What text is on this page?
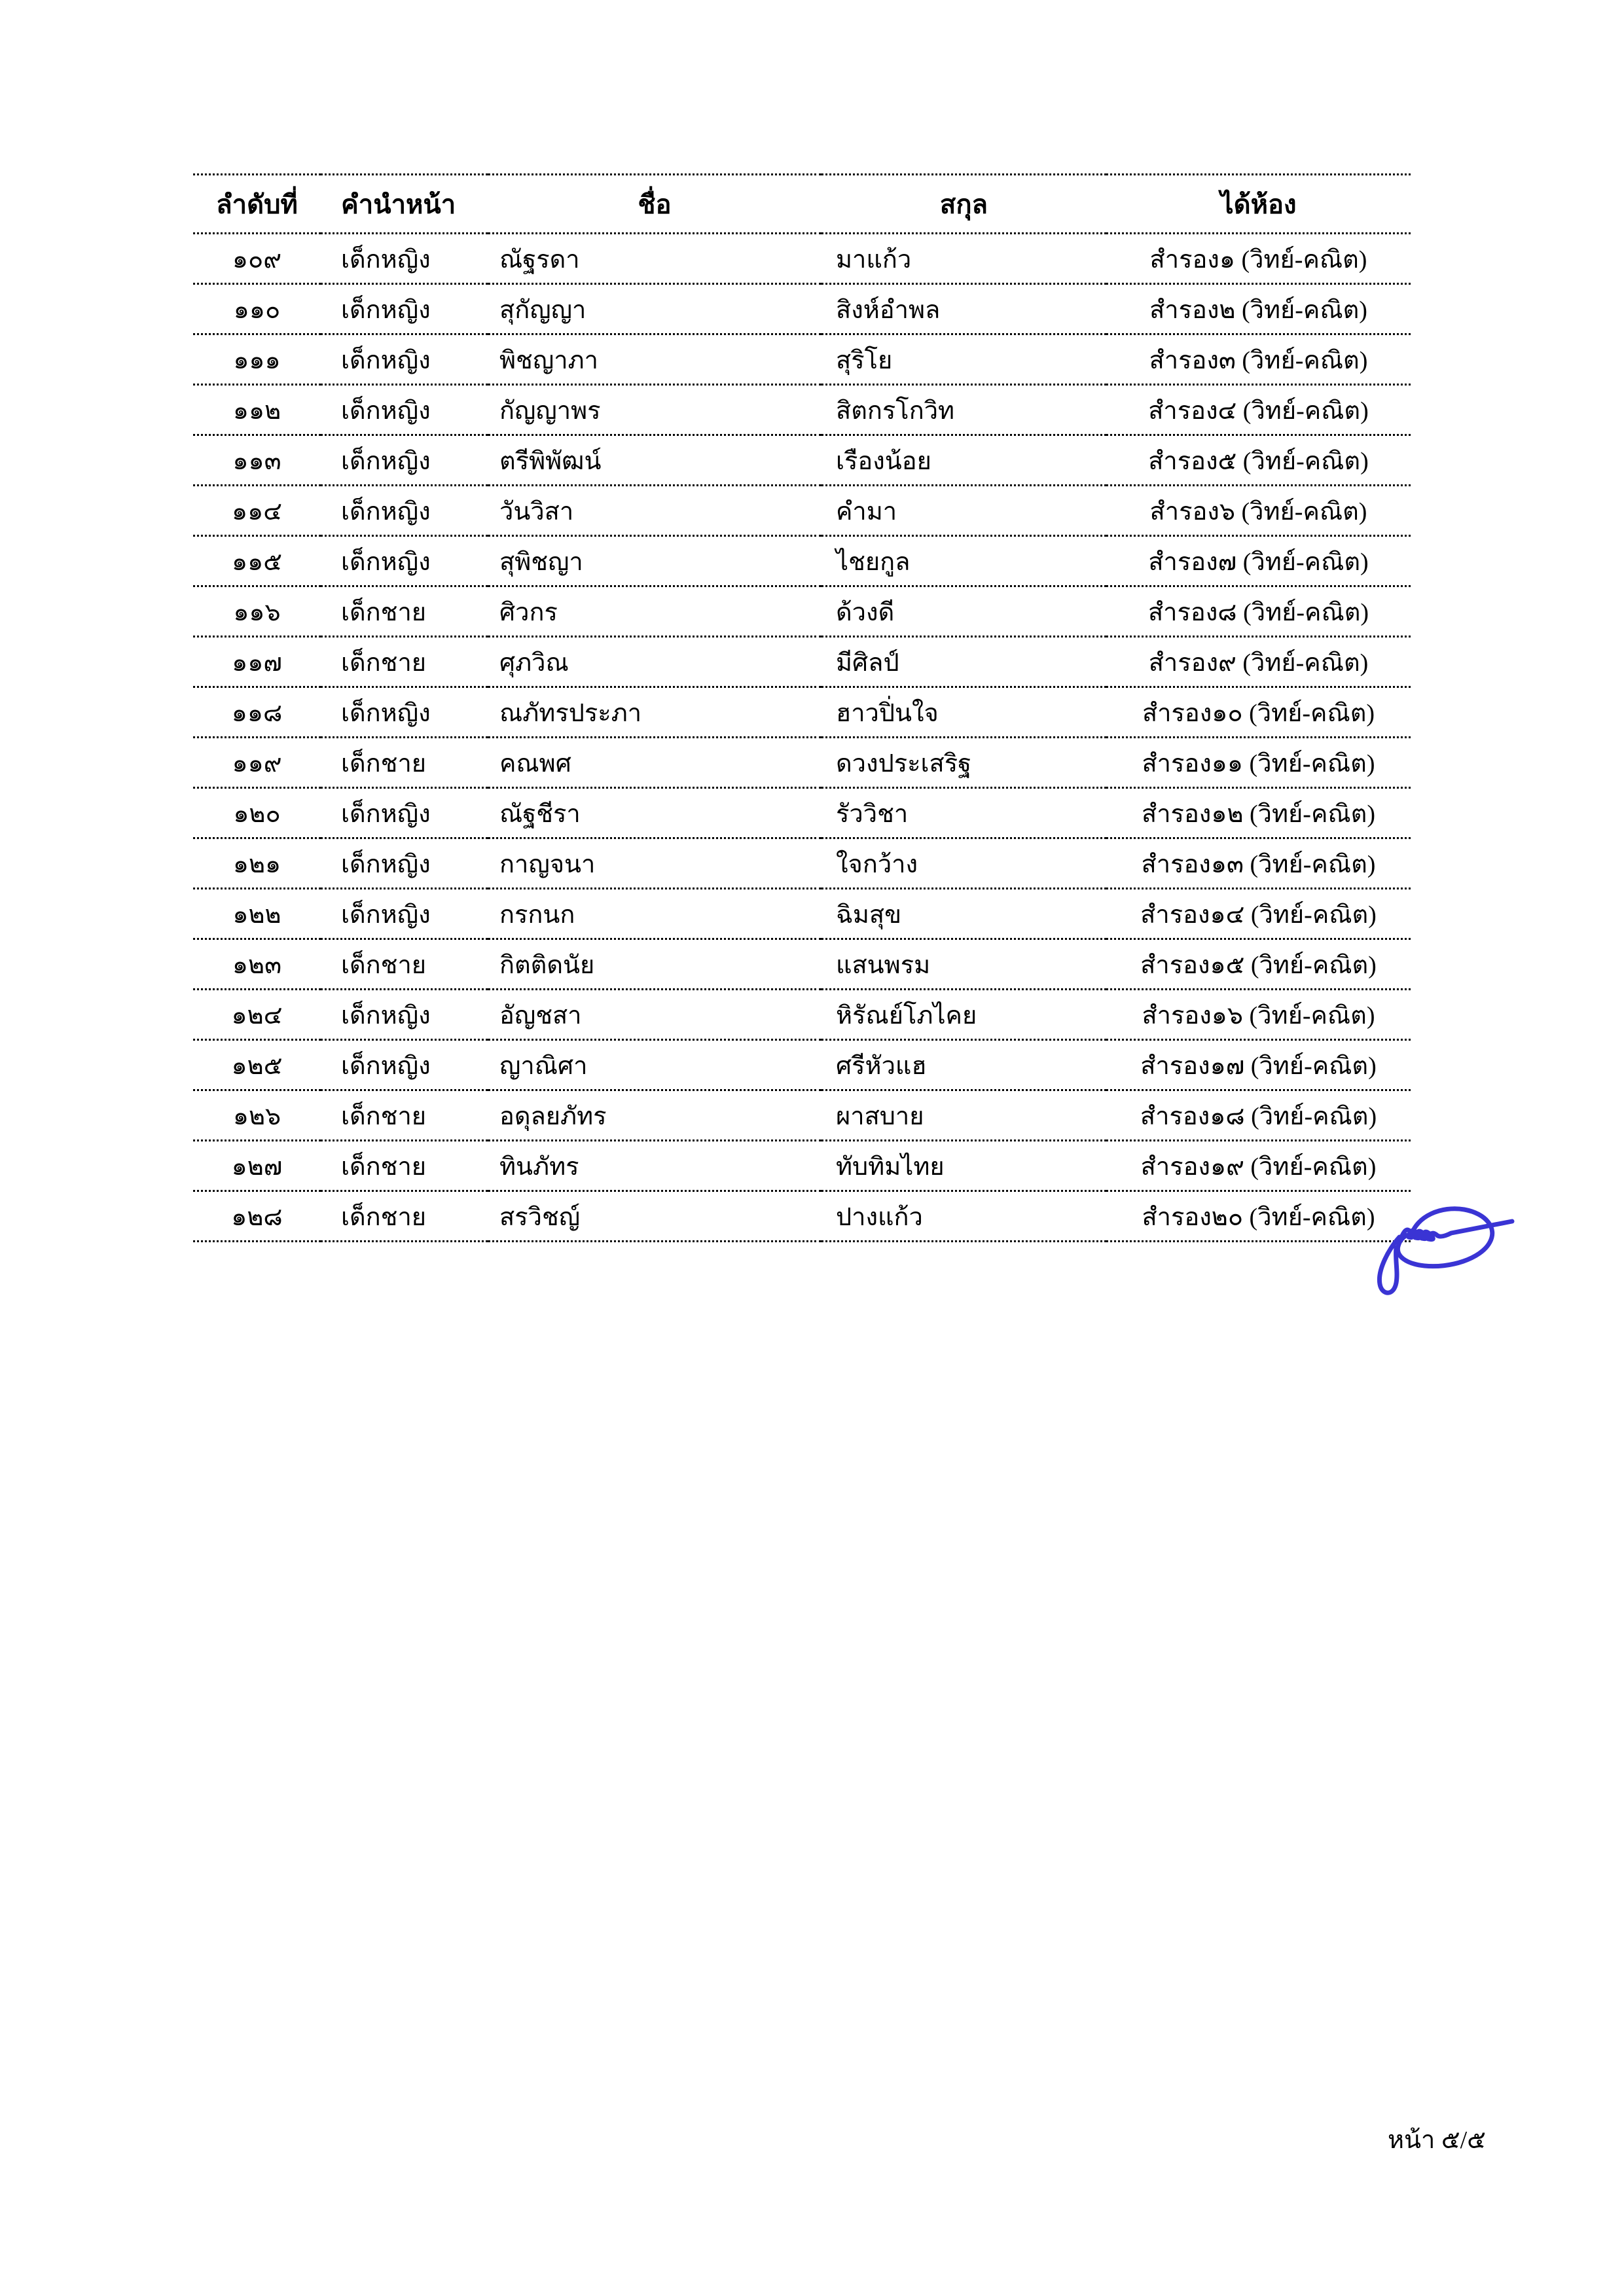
ลำดับที่	คำนำหน้า	ชื่อ	สกุล	ได้ห้อง
๑๐๙	เด็กหญิง	ณัฐรดา	มาแก้ว	สำรอง๑ (วิทย์-คณิต)
๑๑๐	เด็กหญิง	สุกัญญา	สิงห์อำพล	สำรอง๒ (วิทย์-คณิต)
๑๑๑	เด็กหญิง	พิชญาภา	สุริโย	สำรอง๓ (วิทย์-คณิต)
๑๑๒	เด็กหญิง	กัญญาพร	สิตกรโกวิท	สำรอง๔ (วิทย์-คณิต)
๑๑๓	เด็กหญิง	ตรีพิพัฒน์	เรืองน้อย	สำรอง๕ (วิทย์-คณิต)
๑๑๔	เด็กหญิง	วันวิสา	คำมา	สำรอง๖ (วิทย์-คณิต)
๑๑๕	เด็กหญิง	สุพิชญา	ไชยกูล	สำรอง๗ (วิทย์-คณิต)
๑๑๖	เด็กชาย	ศิวกร	ด้วงดี	สำรอง๘ (วิทย์-คณิต)
๑๑๗	เด็กชาย	ศุภวิณ	มีศิลป์	สำรอง๙ (วิทย์-คณิต)
๑๑๘	เด็กหญิง	ณภัทรประภา	ฮาวปิ่นใจ	สำรอง๑๐ (วิทย์-คณิต)
๑๑๙	เด็กชาย	คณพศ	ดวงประเสริฐ	สำรอง๑๑ (วิทย์-คณิต)
๑๒๐	เด็กหญิง	ณัฐชีรา	รัววิชา	สำรอง๑๒ (วิทย์-คณิต)
๑๒๑	เด็กหญิง	กาญจนา	ใจกว้าง	สำรอง๑๓ (วิทย์-คณิต)
๑๒๒	เด็กหญิง	กรกนก	ฉิมสุข	สำรอง๑๔ (วิทย์-คณิต)
๑๒๓	เด็กชาย	กิตติดนัย	แสนพรม	สำรอง๑๕ (วิทย์-คณิต)
๑๒๔	เด็กหญิง	อัญชสา	หิรัณย์โภไคย	สำรอง๑๖ (วิทย์-คณิต)
๑๒๕	เด็กหญิง	ญาณิศา	ศรีหัวแฮ	สำรอง๑๗ (วิทย์-คณิต)
๑๒๖	เด็กชาย	อดุลยภัทร	ผาสบาย	สำรอง๑๘ (วิทย์-คณิต)
๑๒๗	เด็กชาย	ทินภัทร	ทับทิมไทย	สำรอง๑๙ (วิทย์-คณิต)
๑๒๘	เด็กชาย	สรวิชญ์	ปางแก้ว	สำรอง๒๐ (วิทย์-คณิต)
หน้า ๕/๕
